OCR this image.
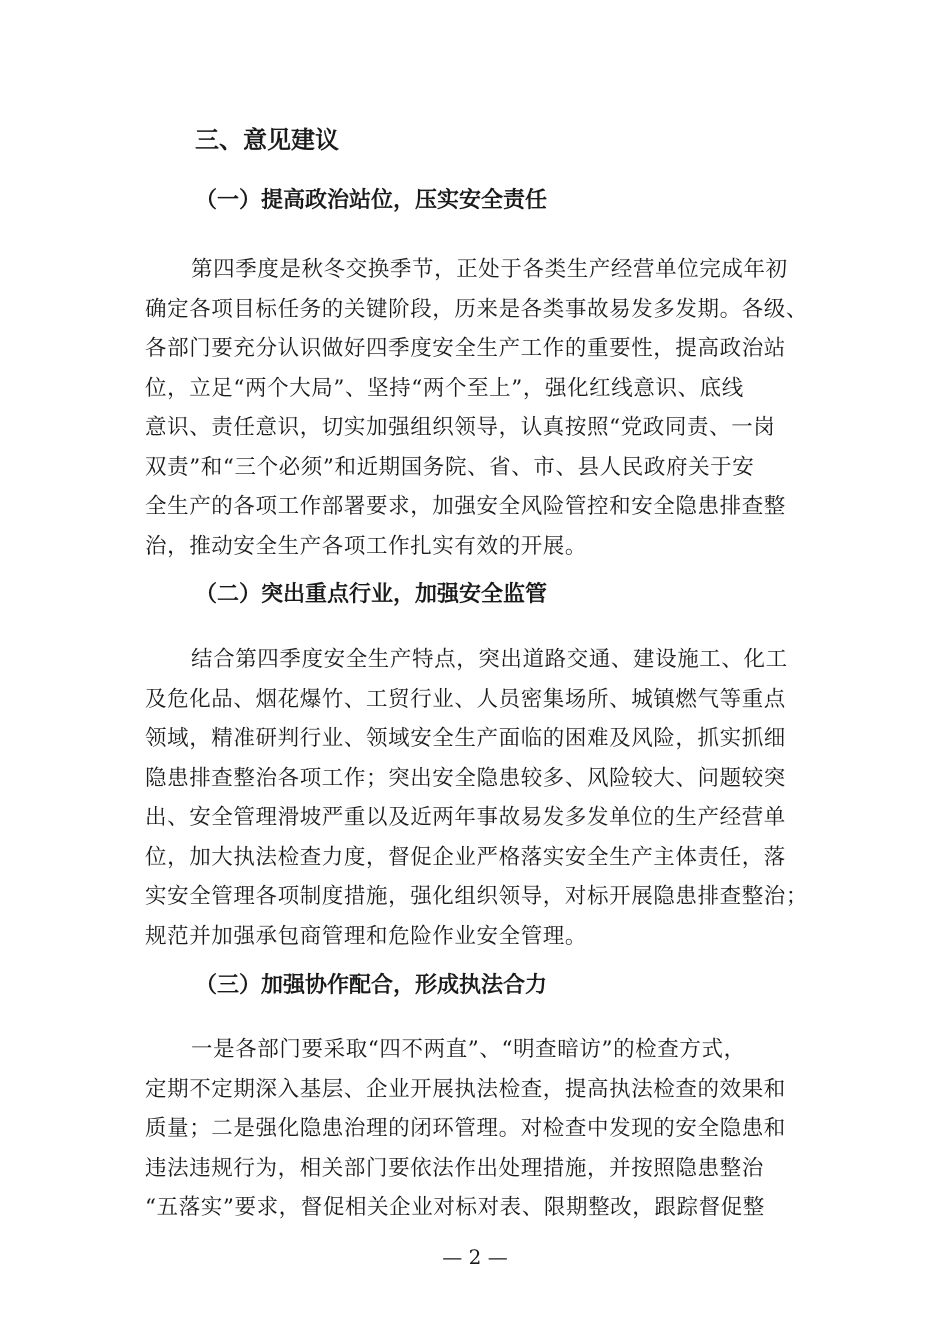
三、意见建议
（一）提高政治站位，压实安全责任
第四季度是秋冬交换季节，正处于各类生产经营单位完成年初
确定各项目标任务的关键阶段，历来是各类事故易发多发期。各级、
各部门要充分认识做好四季度安全生产工作的重要性，提高政治站
位，立足“两个大局”、坚持“两个至上”，强化红线意识、底线
意识、责任意识，切实加强组织领导，认真按照“党政同责、一岗
双责”和“三个必须”和近期国务院、省、市、县人民政府关于安
全生产的各项工作部署要求，加强安全风险管控和安全隐患排查整
治，推动安全生产各项工作扎实有效的开展。
（二）突出重点行业，加强安全监管
结合第四季度安全生产特点，突出道路交通、建设施工、化工
及危化品、烟花爆竹、工贸行业、人员密集场所、城镇燃气等重点
领域，精准研判行业、领域安全生产面临的困难及风险，抓实抓细
隐患排查整治各项工作；突出安全隐患较多、风险较大、问题较突
出、安全管理滑坡严重以及近两年事故易发多发单位的生产经营单
位，加大执法检查力度，督促企业严格落实安全生产主体责任，落
实安全管理各项制度措施，强化组织领导，对标开展隐患排查整治；
规范并加强承包商管理和危险作业安全管理。
（三）加强协作配合，形成执法合力
一是各部门要采取“四不两直”、“明查暗访”的检查方式，
定期不定期深入基层、企业开展执法检查，提高执法检查的效果和
质量；二是强化隐患治理的闭环管理。对检查中发现的安全隐患和
违法违规行为，相关部门要依法作出处理措施，并按照隐患整治
“五落实”要求，督促相关企业对标对表、限期整改，跟踪督促整
— 2 —
